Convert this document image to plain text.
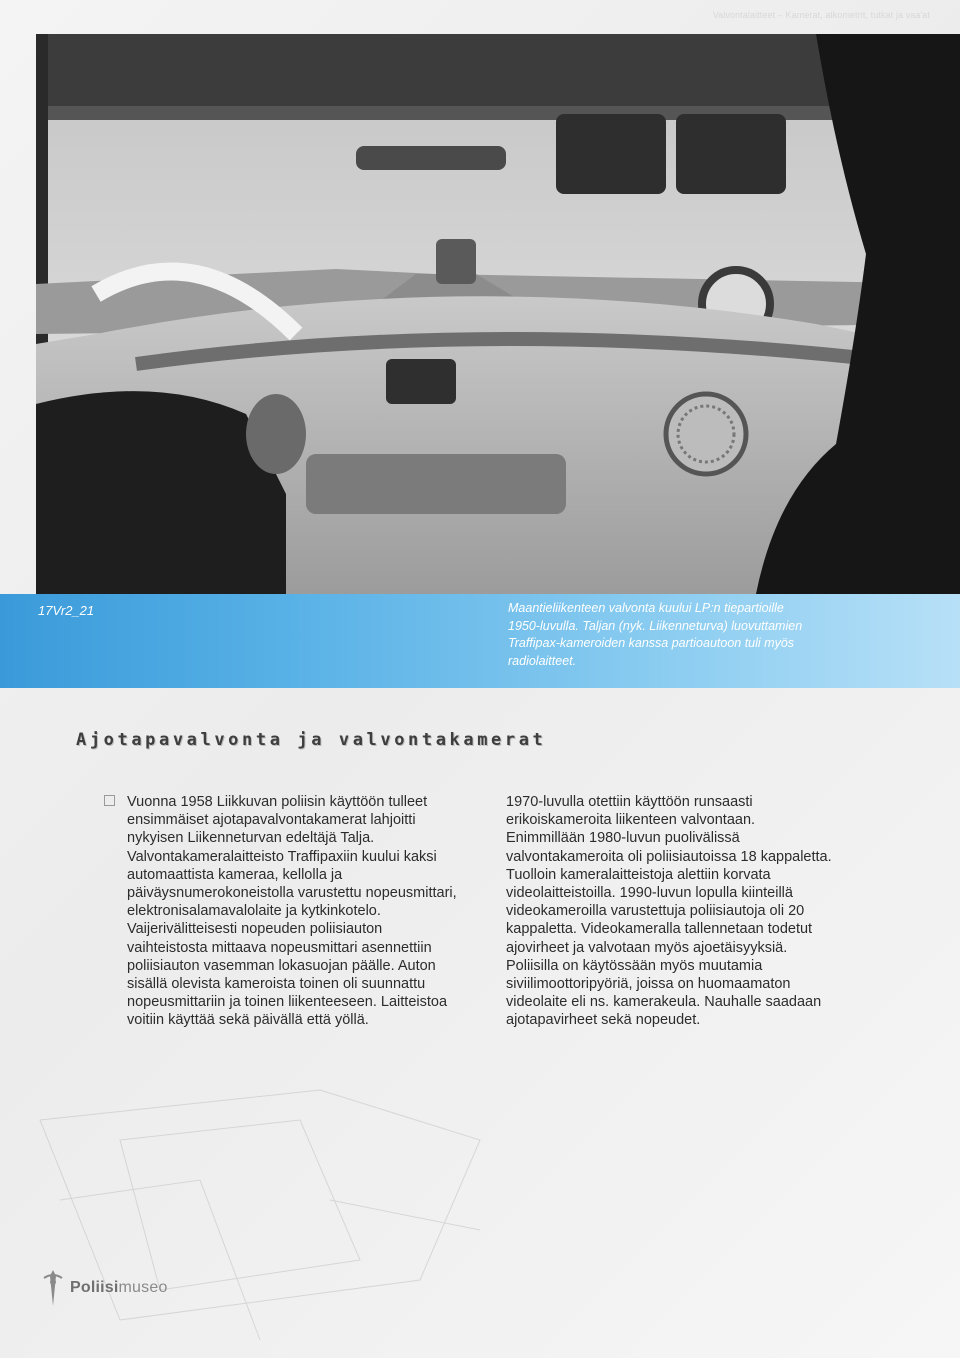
Valvontalaitteet – Kamerat, alkometrit, tutkat ja vaa'at
17Vr2_21	Maantieliikenteen valvonta kuului LP:n tiepartioille 1950-luvulla. Taljan (nyk. Liikenneturva) luovuttamien Traffipax-kameroiden kanssa partioautoon tuli myös radiolaitteet.
Ajotapavalvonta ja valvontakamerat

Vuonna 1958 Liikkuvan poliisin käyttöön tulleet ensimmäiset ajotapavalvontakamerat lahjoitti nykyisen Liikenneturvan edeltäjä Talja. Valvontakameralaitteisto Traffipaxiin kuului kaksi automaattista kameraa, kellolla ja päiväysnumerokoneistolla varustettu nopeusmittari, elektronisalamavalolaite ja kytkinkotelo. Vaijerivälitteisesti nopeuden poliisiauton vaihteistosta mittaava nopeusmittari asennettiin poliisiauton vasemman lokasuojan päälle. Auton sisällä olevista kameroista toinen oli suunnattu nopeusmittariin ja toinen liikenteeseen. Laitteistoa voitiin käyttää sekä päivällä että yöllä.

1970-luvulla otettiin käyttöön runsaasti erikoiskameroita liikenteen valvontaan. Enimmillään 1980-luvun puolivälissä valvontakameroita oli poliisiautoissa 18 kappaletta. Tuolloin kameralaitteistoja alettiin korvata videolaitteistoilla. 1990-luvun lopulla kiinteillä videokameroilla varustettuja poliisiautoja oli 20 kappaletta. Videokameralla tallennetaan todetut ajovirheet ja valvotaan myös ajoetäisyyksiä. Poliisilla on käytössään myös muutamia siviilimoottoripyöriä, joissa on huomaamaton videolaite eli ns. kamerakeula. Nauhalle saadaan ajotapavirheet sekä nopeudet.

Poliisimuseo
